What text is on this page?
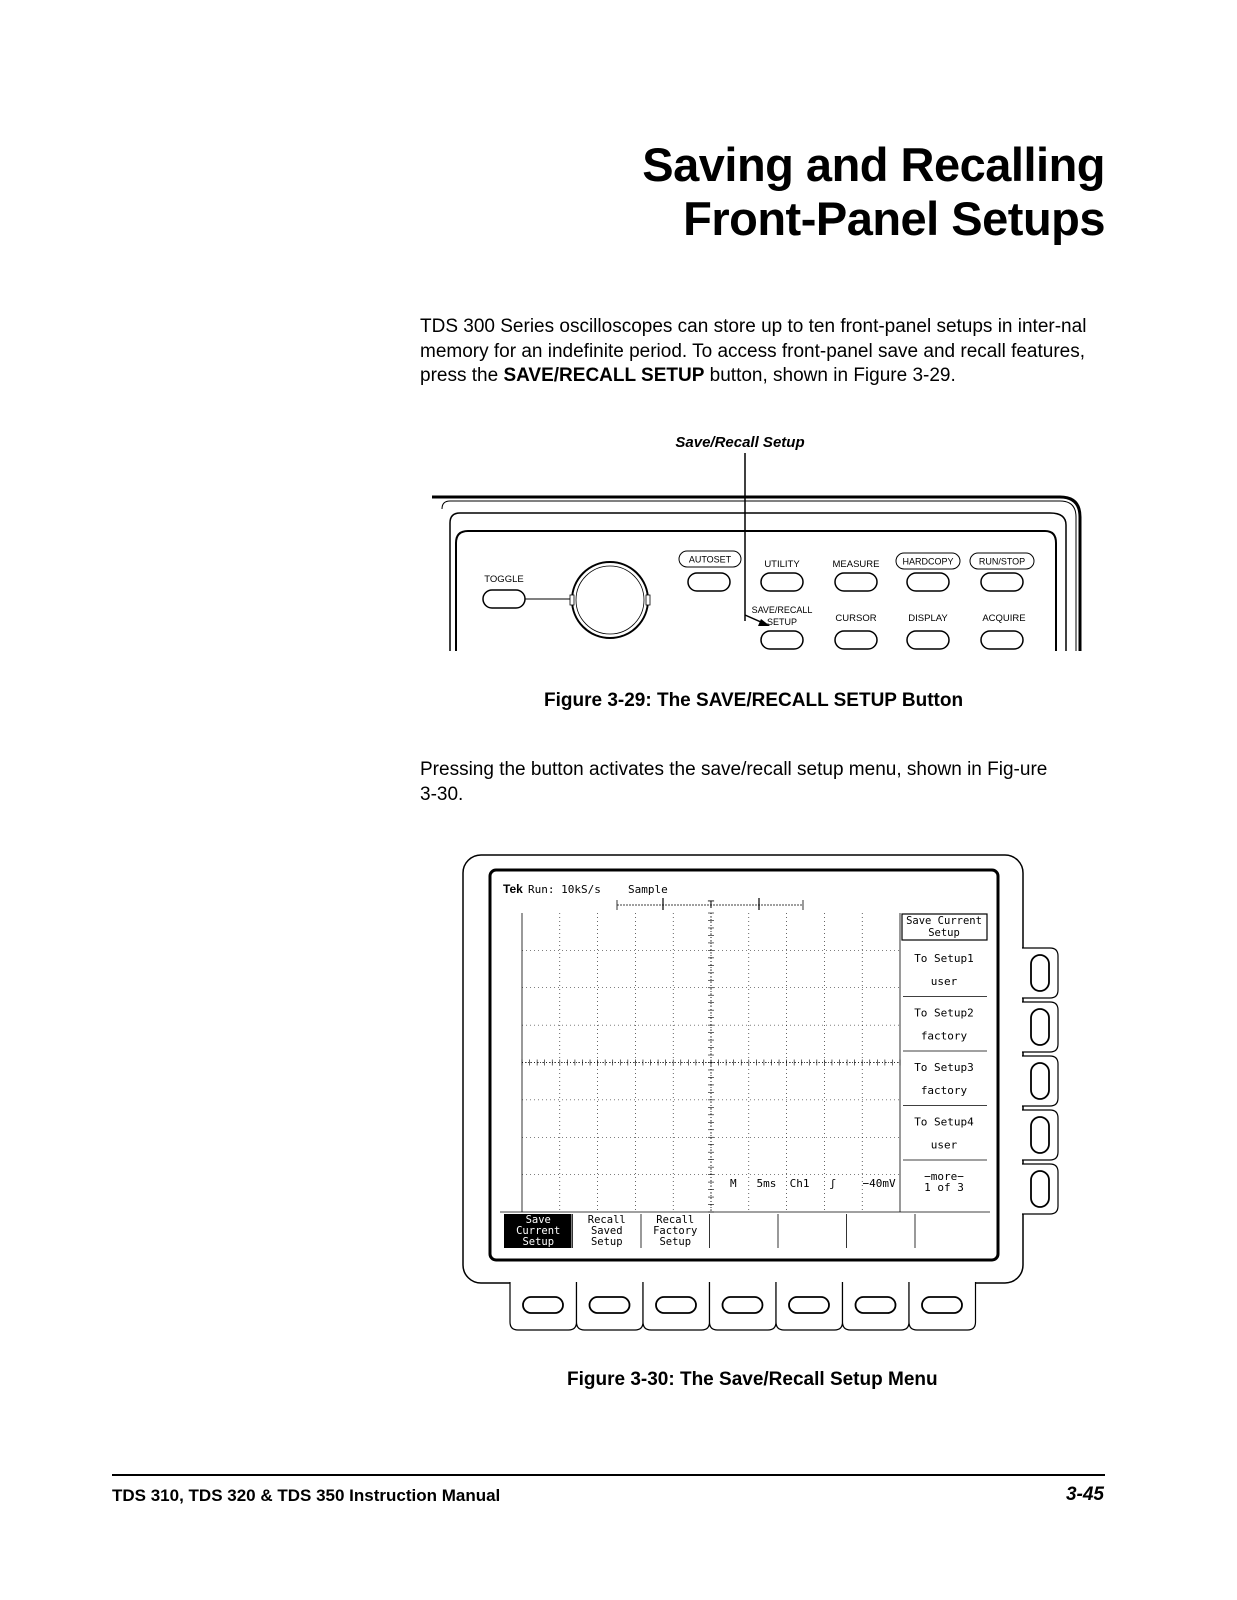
Saving and Recalling
Front-Panel Setups
TDS 300 Series oscilloscopes can store up to ten front-panel setups in inter-nal memory for an indefinite period. To access front-panel save and recall features, press the SAVE/RECALL SETUP button, shown in Figure 3-29.
Save/Recall Setup
TOGGLE
AUTOSET	UTILITY	MEASURE	HARDCOPY	RUN/STOP
SAVE/RECALL
SETUP	CURSOR	DISPLAY	ACQUIRE
Figure 3-29: The SAVE/RECALL SETUP Button
Pressing the button activates the save/recall setup menu, shown in Fig-ure 3-30.
Tek Run: 10kS/s Sample
T
M   5ms  Ch1   ʃ    −40mV
Save Current
Setup
To Setup1
user
To Setup2
factory
To Setup3
factory
To Setup4
user
−more−
1 of 3
Save
Current
Setup
Recall
Saved
Setup
Recall
Factory
Setup
Figure 3-30: The Save/Recall Setup Menu
TDS 310, TDS 320 & TDS 350 Instruction Manual	3-45
